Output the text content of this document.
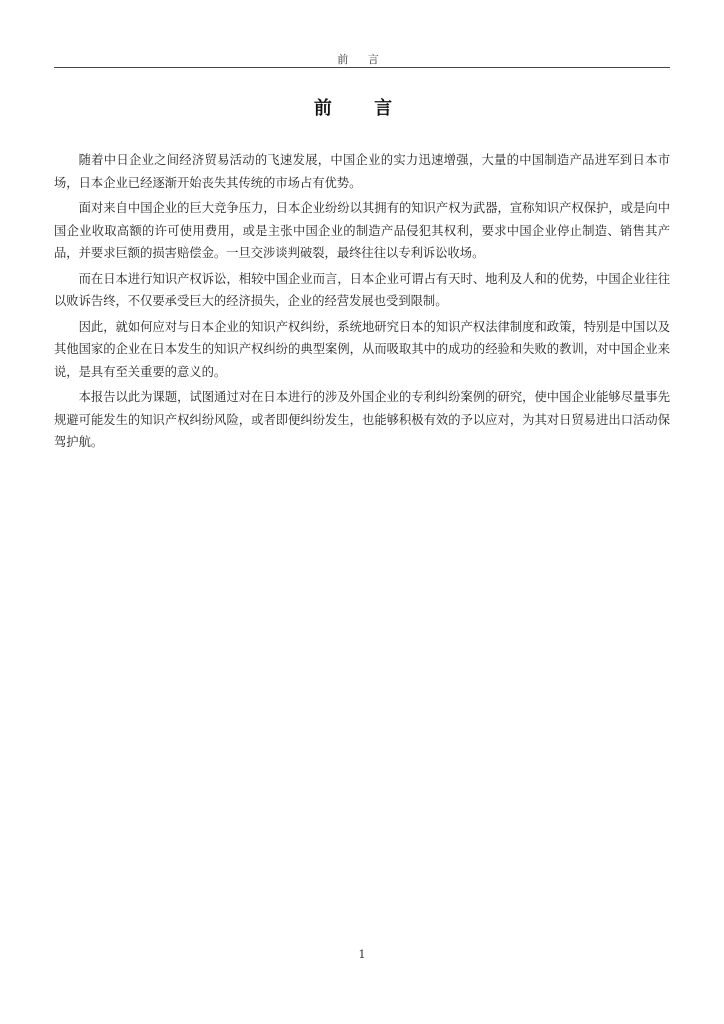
前 言
前 言

随着中日企业之间经济贸易活动的飞速发展，中国企业的实力迅速增强，大量的中国制造产品进军到日本市场，日本企业已经逐渐开始丧失其传统的市场占有优势。

面对来自中国企业的巨大竞争压力，日本企业纷纷以其拥有的知识产权为武器，宣称知识产权保护，或是向中国企业收取高额的许可使用费用，或是主张中国企业的制造产品侵犯其权利，要求中国企业停止制造、销售其产品，并要求巨额的损害赔偿金。一旦交涉谈判破裂，最终往往以专利诉讼收场。

而在日本进行知识产权诉讼，相较中国企业而言，日本企业可谓占有天时、地利及人和的优势，中国企业往往以败诉告终，不仅要承受巨大的经济损失，企业的经营发展也受到限制。

因此，就如何应对与日本企业的知识产权纠纷，系统地研究日本的知识产权法律制度和政策，特别是中国以及其他国家的企业在日本发生的知识产权纠纷的典型案例，从而吸取其中的成功的经验和失败的教训，对中国企业来说，是具有至关重要的意义的。

本报告以此为课题，试图通过对在日本进行的涉及外国企业的专利纠纷案例的研究，使中国企业能够尽量事先规避可能发生的知识产权纠纷风险，或者即便纠纷发生，也能够积极有效的予以应对，为其对日贸易进出口活动保驾护航。

1
